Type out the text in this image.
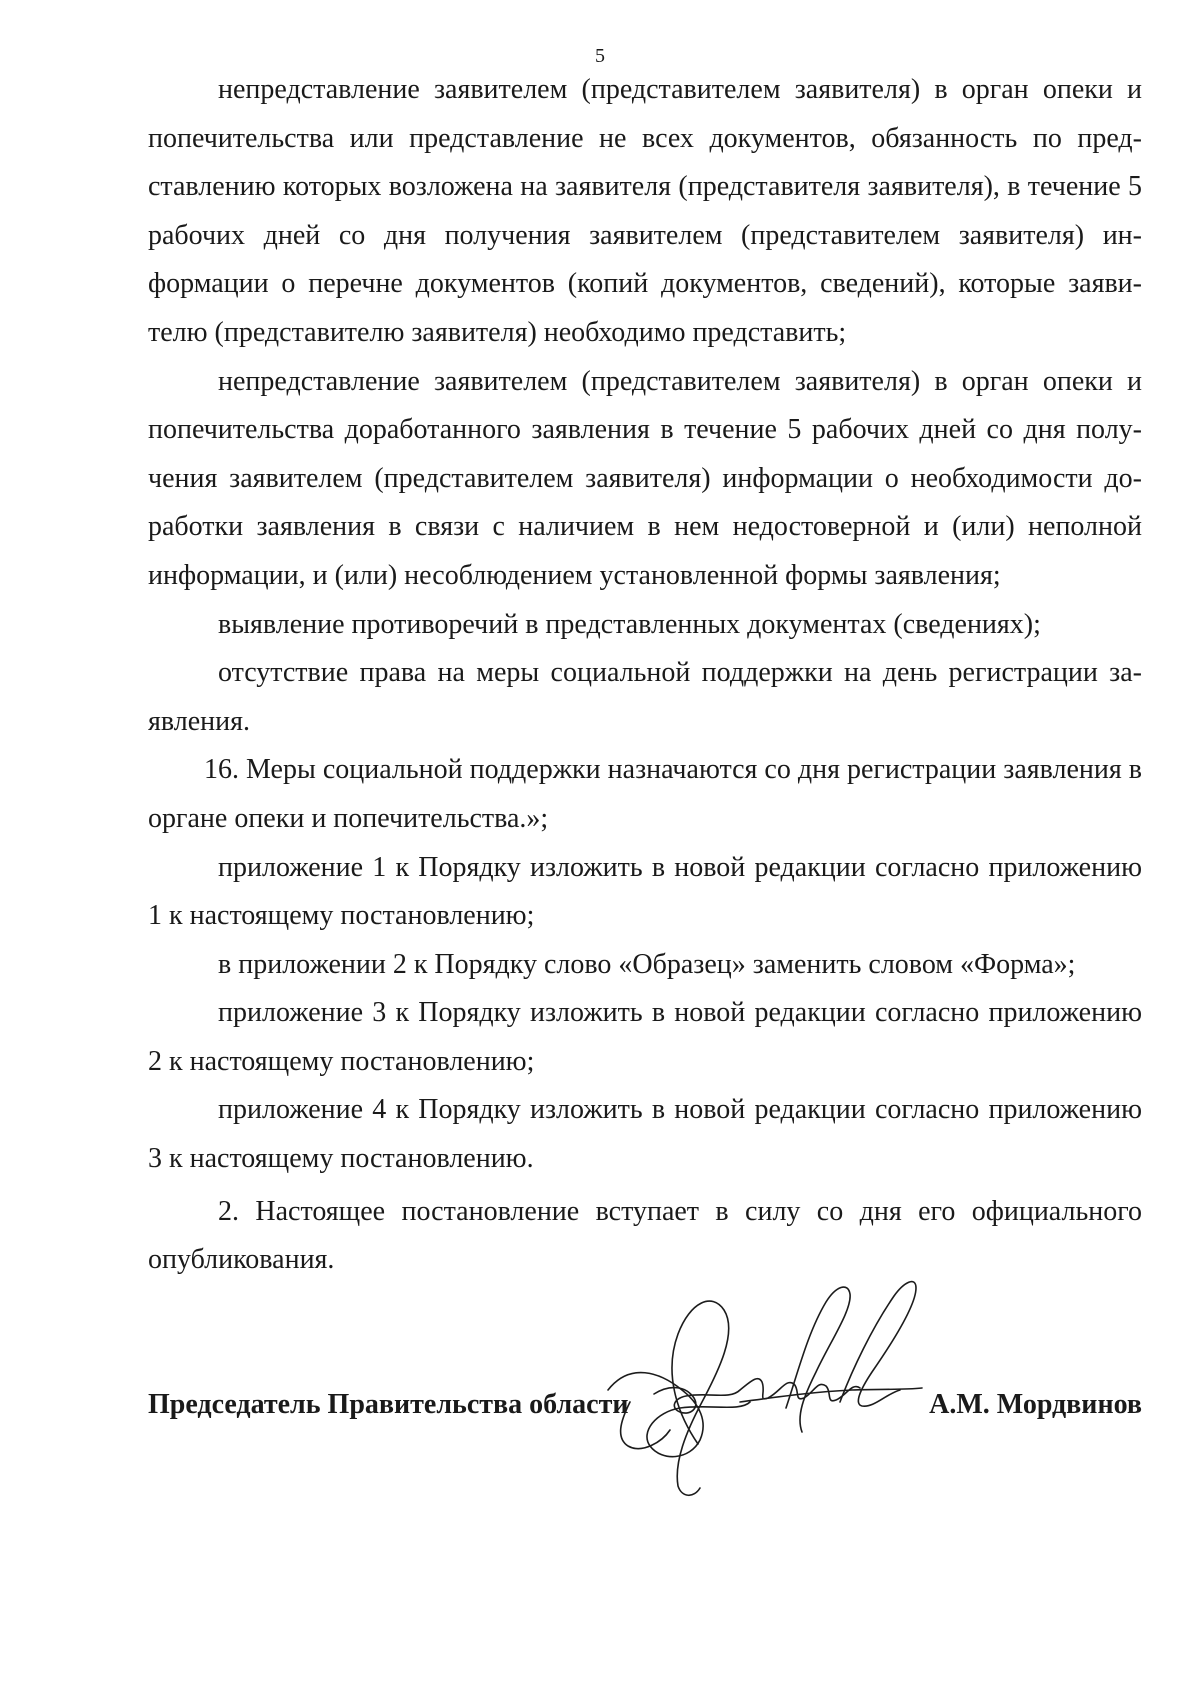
5

непредставление заявителем (представителем заявителя) в орган опеки и попечительства или представление не всех документов, обязанность по представлению которых возложена на заявителя (представителя заявителя), в течение 5 рабочих дней со дня получения заявителем (представителем заявителя) информации о перечне документов (копий документов, сведений), которые заявителю (представителю заявителя) необходимо представить;

непредставление заявителем (представителем заявителя) в орган опеки и попечительства доработанного заявления в течение 5 рабочих дней со дня получения заявителем (представителем заявителя) информации о необходимости доработки заявления в связи с наличием в нем недостоверной и (или) неполной информации, и (или) несоблюдением установленной формы заявления;

выявление противоречий в представленных документах (сведениях);

отсутствие права на меры социальной поддержки на день регистрации заявления.

16. Меры социальной поддержки назначаются со дня регистрации заявления в органе опеки и попечительства.»;

приложение 1 к Порядку изложить в новой редакции согласно приложению 1 к настоящему постановлению;

в приложении 2 к Порядку слово «Образец» заменить словом «Форма»;

приложение 3 к Порядку изложить в новой редакции согласно приложению 2 к настоящему постановлению;

приложение 4 к Порядку изложить в новой редакции согласно приложению 3 к настоящему постановлению.

2. Настоящее постановление вступает в силу со дня его официального опубликования.

Председатель Правительства области	А.М. Мордвинов
